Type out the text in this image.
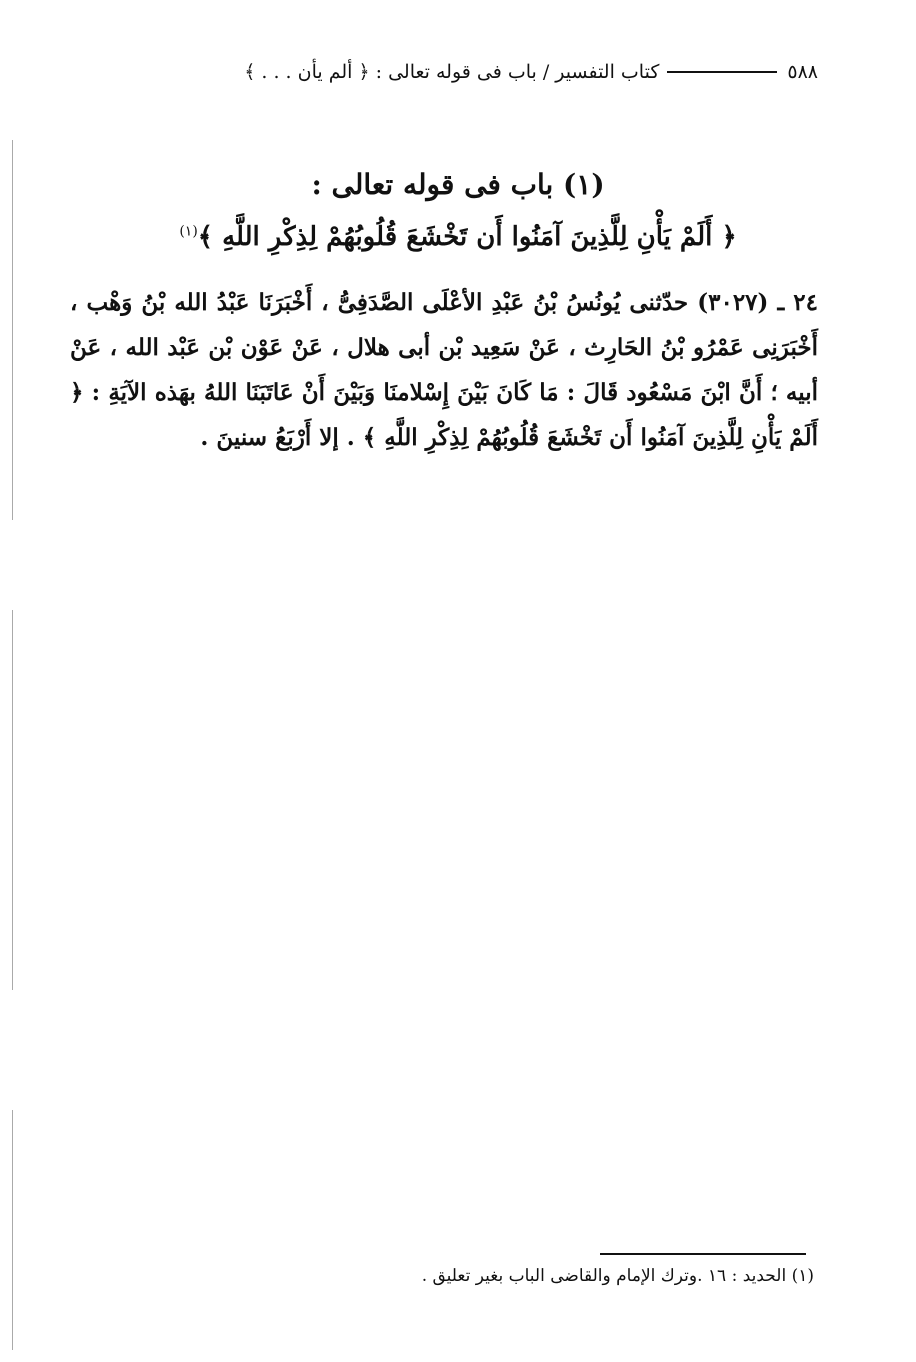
٥٨٨
كتاب التفسير / باب فى قوله تعالى : ﴿ ألم يأن . . . ﴾
(١) باب فى قوله تعالى :
﴿ أَلَمْ يَأْنِ لِلَّذِينَ آمَنُوا أَن تَخْشَعَ قُلُوبُهُمْ لِذِكْرِ اللَّهِ ﴾$^{(١)}$
٢٤ ـ (٣٠٢٧) حدّثنى يُونُسُ بْنُ عَبْدِ الأعْلَى الصَّدَفِىُّ ، أَخْبَرَنَا عَبْدُ الله بْنُ وَهْب ، أَخْبَرَنِى عَمْرُو بْنُ الحَارِث ، عَنْ سَعِيد بْن أبى هلال ، عَنْ عَوْن بْن عَبْد الله ، عَنْ أبيه ؛ أَنَّ ابْنَ مَسْعُود قَالَ : مَا كَانَ بَيْنَ إِسْلامنَا وَبَيْنَ أَنْ عَاتَبَنَا اللهُ بهَذه الآيَةِ : ﴿ أَلَمْ يَأْنِ لِلَّذِينَ آمَنُوا أَن تَخْشَعَ قُلُوبُهُمْ لِذِكْرِ اللَّهِ ﴾ . إلا أَرْبَعُ سنينَ .
(١) الحديد : ١٦ .وترك الإمام والقاضى الباب بغير تعليق .
